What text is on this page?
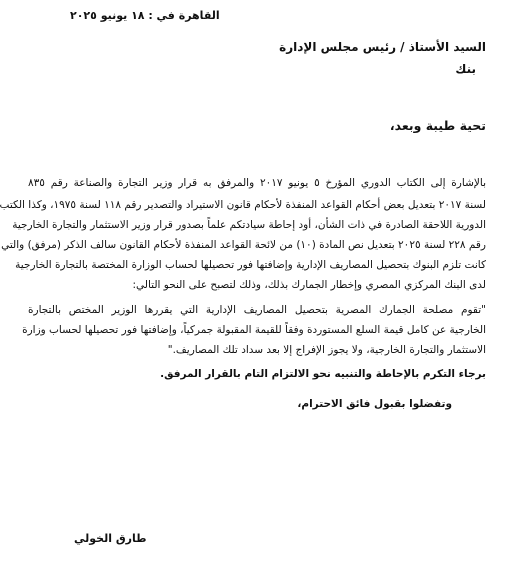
القاهرة في : ١٨ يونيو ٢٠٢٥
السيد الأستاذ / رئيس مجلس الإدارة
بنك
تحية طيبة وبعد،
بالإشارة إلى الكتاب الدوري المؤرخ ٥ يونيو ٢٠١٧ والمرفق به قرار وزير التجارة والصناعة رقم ٨٣٥
لسنة ٢٠١٧ بتعديل بعض أحكام القواعد المنفذة لأحكام قانون الاستيراد والتصدير رقم ١١٨ لسنة ١٩٧٥، وكذا الكتب
الدورية اللاحقة الصادرة في ذات الشأن، أود إحاطة سيادتكم علماً بصدور قرار وزير الاستثمار والتجارة الخارجية
رقم ٢٢٨ لسنة ٢٠٢٥ بتعديل نص المادة (١٠) من لائحة القواعد المنفذة لأحكام القانون سالف الذكر (مرفق) والتي
كانت تلزم البنوك بتحصيل المصاريف الإدارية وإضافتها فور تحصيلها لحساب الوزارة المختصة بالتجارة الخارجية
لدى البنك المركزي المصري وإخطار الجمارك بذلك، وذلك لتصبح على النحو التالي:
"تقوم مصلحة الجمارك المصرية بتحصيل المصاريف الإدارية التي يقررها الوزير المختص بالتجارة
الخارجية عن كامل قيمة السلع المستوردة وفقاً للقيمة المقبولة جمركياً، وإضافتها فور تحصيلها لحساب وزارة
الاستثمار والتجارة الخارجية، ولا يجوز الإفراج إلا بعد سداد تلك المصاريف."
برجاء التكرم بالإحاطة والتنبيه نحو الالتزام التام بالقرار المرفق.
وتفضلوا بقبول فائق الاحترام،
طارق الخولي
